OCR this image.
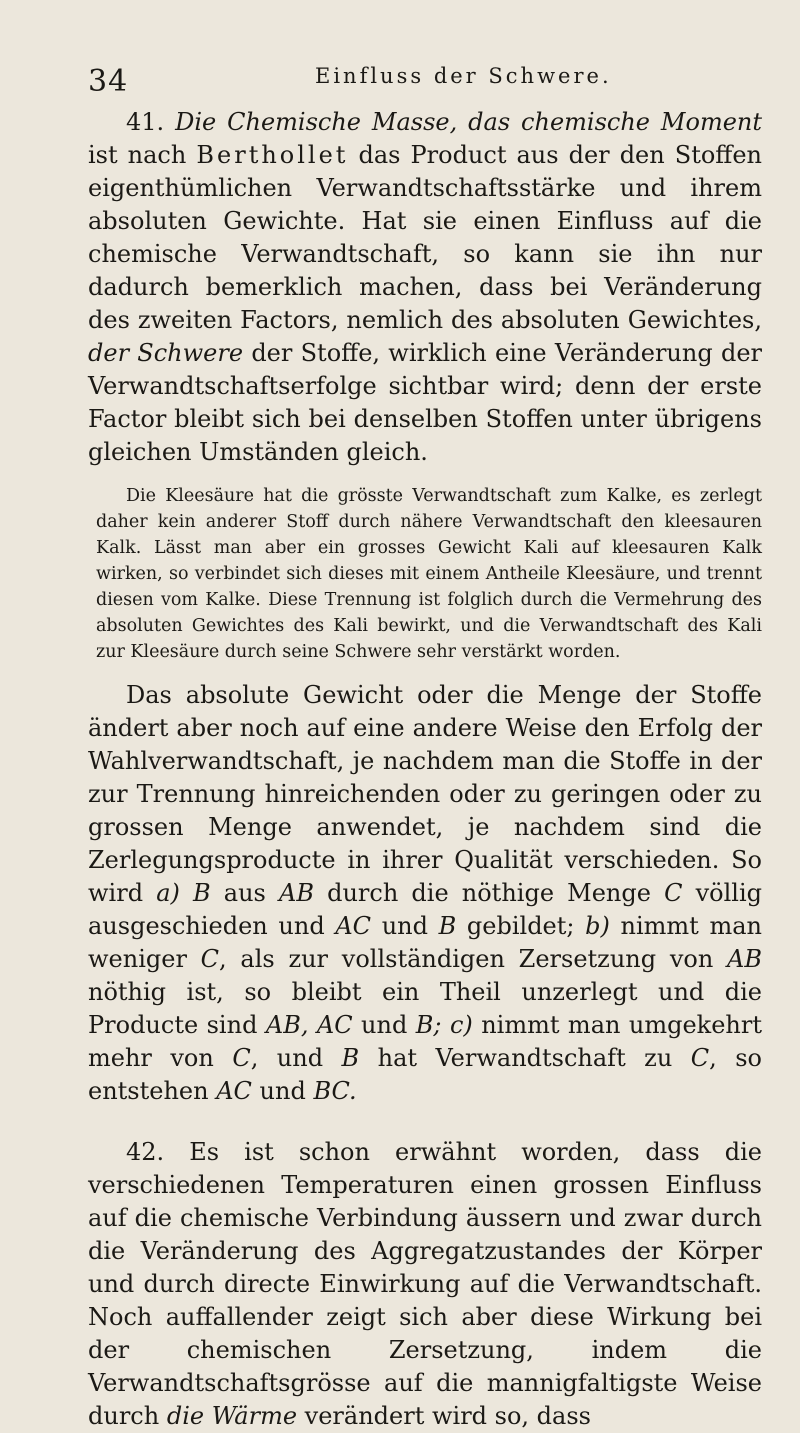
34	Einfluss der Schwere.

41. Die Chemische Masse, das chemische Moment ist nach Berthollet das Product aus der den Stoffen eigenthümlichen Verwandtschaftsstärke und ihrem absoluten Gewichte. Hat sie einen Einfluss auf die chemische Verwandtschaft, so kann sie ihn nur dadurch bemerklich machen, dass bei Veränderung des zweiten Factors, nemlich des absoluten Gewichtes, der Schwere der Stoffe, wirklich eine Veränderung der Verwandtschaftserfolge sichtbar wird; denn der erste Factor bleibt sich bei denselben Stoffen unter übrigens gleichen Umständen gleich.

Die Kleesäure hat die grösste Verwandtschaft zum Kalke, es zerlegt daher kein anderer Stoff durch nähere Verwandtschaft den kleesauren Kalk. Lässt man aber ein grosses Gewicht Kali auf kleesauren Kalk wirken, so verbindet sich dieses mit einem Antheile Kleesäure, und trennt diesen vom Kalke. Diese Trennung ist folglich durch die Vermehrung des absoluten Gewichtes des Kali bewirkt, und die Verwandtschaft des Kali zur Kleesäure durch seine Schwere sehr verstärkt worden.

Das absolute Gewicht oder die Menge der Stoffe ändert aber noch auf eine andere Weise den Erfolg der Wahlverwandtschaft, je nachdem man die Stoffe in der zur Trennung hinreichenden oder zu geringen oder zu grossen Menge anwendet, je nachdem sind die Zerlegungsproducte in ihrer Qualität verschieden. So wird a) B aus AB durch die nöthige Menge C völlig ausgeschieden und AC und B gebildet; b) nimmt man weniger C, als zur vollständigen Zersetzung von AB nöthig ist, so bleibt ein Theil unzerlegt und die Producte sind AB, AC und B; c) nimmt man umgekehrt mehr von C, und B hat Verwandtschaft zu C, so entstehen AC und BC.

42. Es ist schon erwähnt worden, dass die verschiedenen Temperaturen einen grossen Einfluss auf die chemische Verbindung äussern und zwar durch die Veränderung des Aggregatzustandes der Körper und durch directe Einwirkung auf die Verwandtschaft. Noch auffallender zeigt sich aber diese Wirkung bei der chemischen Zersetzung, indem die Verwandtschaftsgrösse auf die mannigfaltigste Weise durch die Wärme verändert wird so, dass
